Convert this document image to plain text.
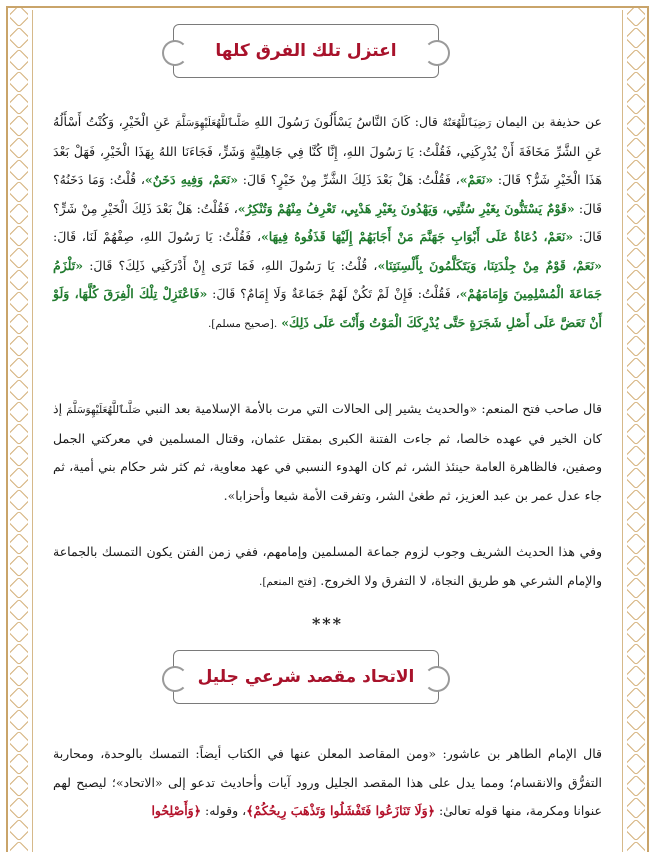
اعتزل تلك الفرق كلها
عن حذيفة بن اليمان رَضِيَٱللَّهُعَنْهُ قال: كَانَ النَّاسُ يَسْأَلُونَ رَسُولَ اللهِ صَلَّىٱللَّهُعَلَيْهِوَسَلَّمَ عَنِ الْخَيْرِ، وَكُنْتُ أَسْأَلُهُ عَنِ الشَّرِّ مَخَافَةَ أَنْ يُدْرِكَنِي، فَقُلْتُ: يَا رَسُولَ اللهِ، إِنَّا كُنَّا فِي جَاهِلِيَّةٍ وَشَرٍّ، فَجَاءَنَا اللهُ بِهَذَا الْخَيْرِ، فَهَلْ بَعْدَ هَذَا الْخَيْرِ شَرٌّ؟ قَالَ: «نَعَمْ»، فَقُلْتُ: هَلْ بَعْدَ ذَلِكَ الشَّرِّ مِنْ خَيْرٍ؟ قَالَ: «نَعَمْ، وَفِيهِ دَخَنٌ»، قُلْتُ: وَمَا دَخَنُهُ؟ قَالَ: «قَوْمٌ يَسْتَنُّونَ بِغَيْرِ سُنَّتِي، وَيَهْدُونَ بِغَيْرِ هَدْيِي، تَعْرِفُ مِنْهُمْ وَتُنْكِرُ»، فَقُلْتُ: هَلْ بَعْدَ ذَلِكَ الْخَيْرِ مِنْ شَرٍّ؟ قَالَ: «نَعَمْ، دُعَاةٌ عَلَى أَبْوَابِ جَهَنَّمَ مَنْ أَجَابَهُمْ إِلَيْهَا قَذَفُوهُ فِيهَا»، فَقُلْتُ: يَا رَسُولَ اللهِ، صِفْهُمْ لَنَا، قَالَ: «نَعَمْ، قَوْمٌ مِنْ جِلْدَتِنَا، وَيَتَكَلَّمُونَ بِأَلْسِنَتِنَا»، قُلْتُ: يَا رَسُولَ اللهِ، فَمَا تَرَى إِنْ أَدْرَكَنِي ذَلِكَ؟ قَالَ: «تَلْزَمُ جَمَاعَةَ الْمُسْلِمِينَ وَإِمَامَهُمْ»، فَقُلْتُ: فَإِنْ لَمْ تَكُنْ لَهُمْ جَمَاعَةٌ وَلَا إِمَامٌ؟ قَالَ: «فَاعْتَزِلْ تِلْكَ الْفِرَقَ كُلَّهَا، وَلَوْ أَنْ تَعَضَّ عَلَى أَصْلِ شَجَرَةٍ حَتَّى يُدْرِكَكَ الْمَوْتُ وَأَنْتَ عَلَى ذَلِكَ» .[صحيح مسلم].
قال صاحب فتح المنعم: «والحديث يشير إلى الحالات التي مرت بالأمة الإسلامية بعد النبي صَلَّىٱللَّهُعَلَيْهِوَسَلَّمَ إذ كان الخير في عهده خالصا، ثم جاءت الفتنة الكبرى بمقتل عثمان، وقتال المسلمين في معركتي الجمل وصفين، فالظاهرة العامة حينئذ الشر، ثم كان الهدوء النسبي في عهد معاوية، ثم كثر شر حكام بني أمية، ثم جاء عدل عمر بن عبد العزيز، ثم طغىٰ الشر، وتفرقت الأمة شيعا وأحزابا».
وفي هذا الحديث الشريف وجوب لزوم جماعة المسلمين وإمامهم، ففي زمن الفتن يكون التمسك بالجماعة والإمام الشرعي هو طريق النجاة، لا التفرق ولا الخروج. [فتح المنعم].
***
الاتحاد مقصد شرعي جليل
قال الإمام الطاهر بن عاشور: «ومن المقاصد المعلن عنها في الكتاب أيضاً: التمسك بالوحدة، ومحاربة التفرُّق والانقسام؛ ومما يدل على هذا المقصد الجليل ورود آيات وأحاديث تدعو إلى «الاتحاد»؛ ليصبح لهم عنوانا ومكرمة، منها قوله تعالىٰ: ﴿وَلَا تَنَازَعُوا فَتَفْشَلُوا وَتَذْهَبَ رِيحُكُمْ﴾، وقوله: ﴿وَأَصْلِحُوا
